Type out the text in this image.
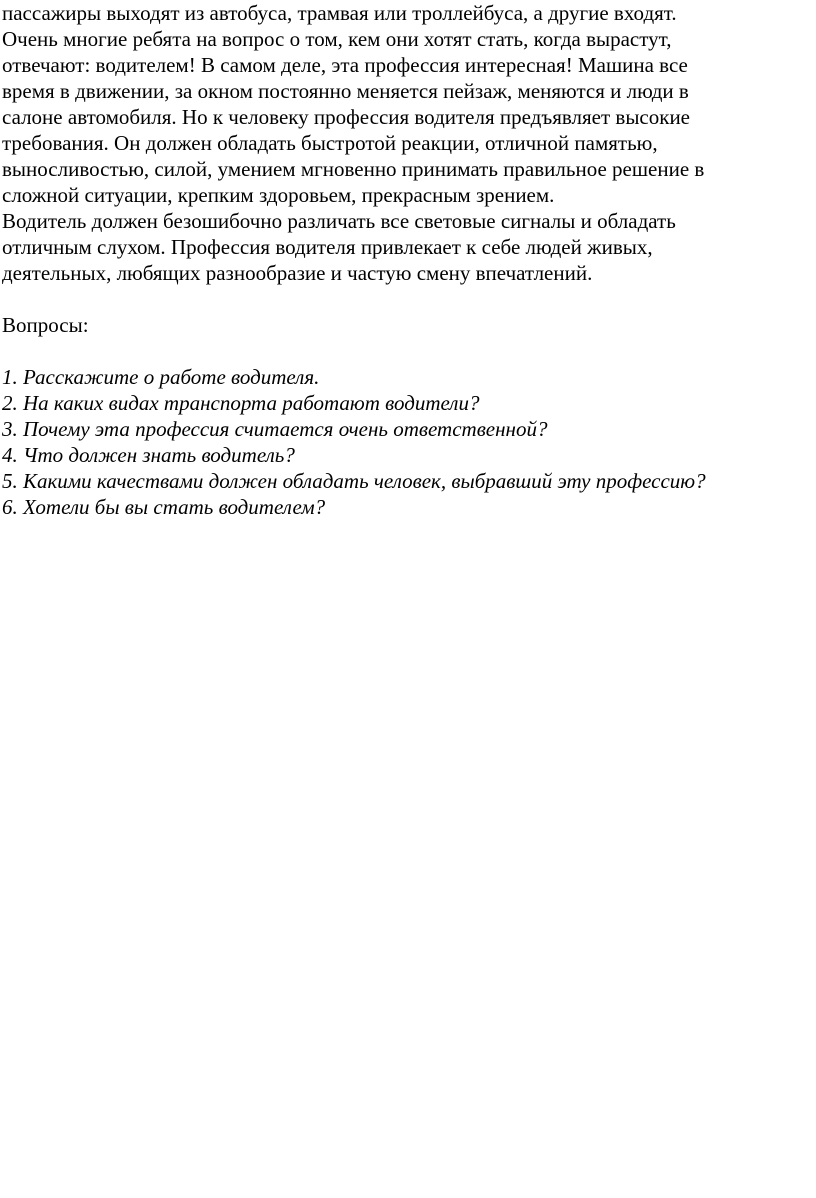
пассажиры выходят из автобуса, трамвая или троллейбуса, а другие входят.
Очень многие ребята на вопрос о том, кем они хотят стать, когда вырастут,
отвечают: водителем! В самом деле, эта профессия интересная! Машина все
время в движении, за окном постоянно меняется пейзаж, меняются и люди в
салоне автомобиля. Но к человеку профессия водителя предъявляет высокие
требования. Он должен обладать быстротой реакции, отличной памятью,
выносливостью, силой, умением мгновенно принимать правильное решение в
сложной ситуации, крепким здоровьем, прекрасным зрением.
Водитель должен безошибочно различать все световые сигналы и обладать
отличным слухом. Профессия водителя привлекает к себе людей живых,
деятельных, любящих разнообразие и частую смену впечатлений.
Вопросы:
1. Расскажите о работе водителя.
2. На каких видах транспорта работают водители?
3. Почему эта профессия считается очень ответственной?
4. Что должен знать водитель?
5. Какими качествами должен обладать человек, выбравший эту профессию?
6. Хотели бы вы стать водителем?
